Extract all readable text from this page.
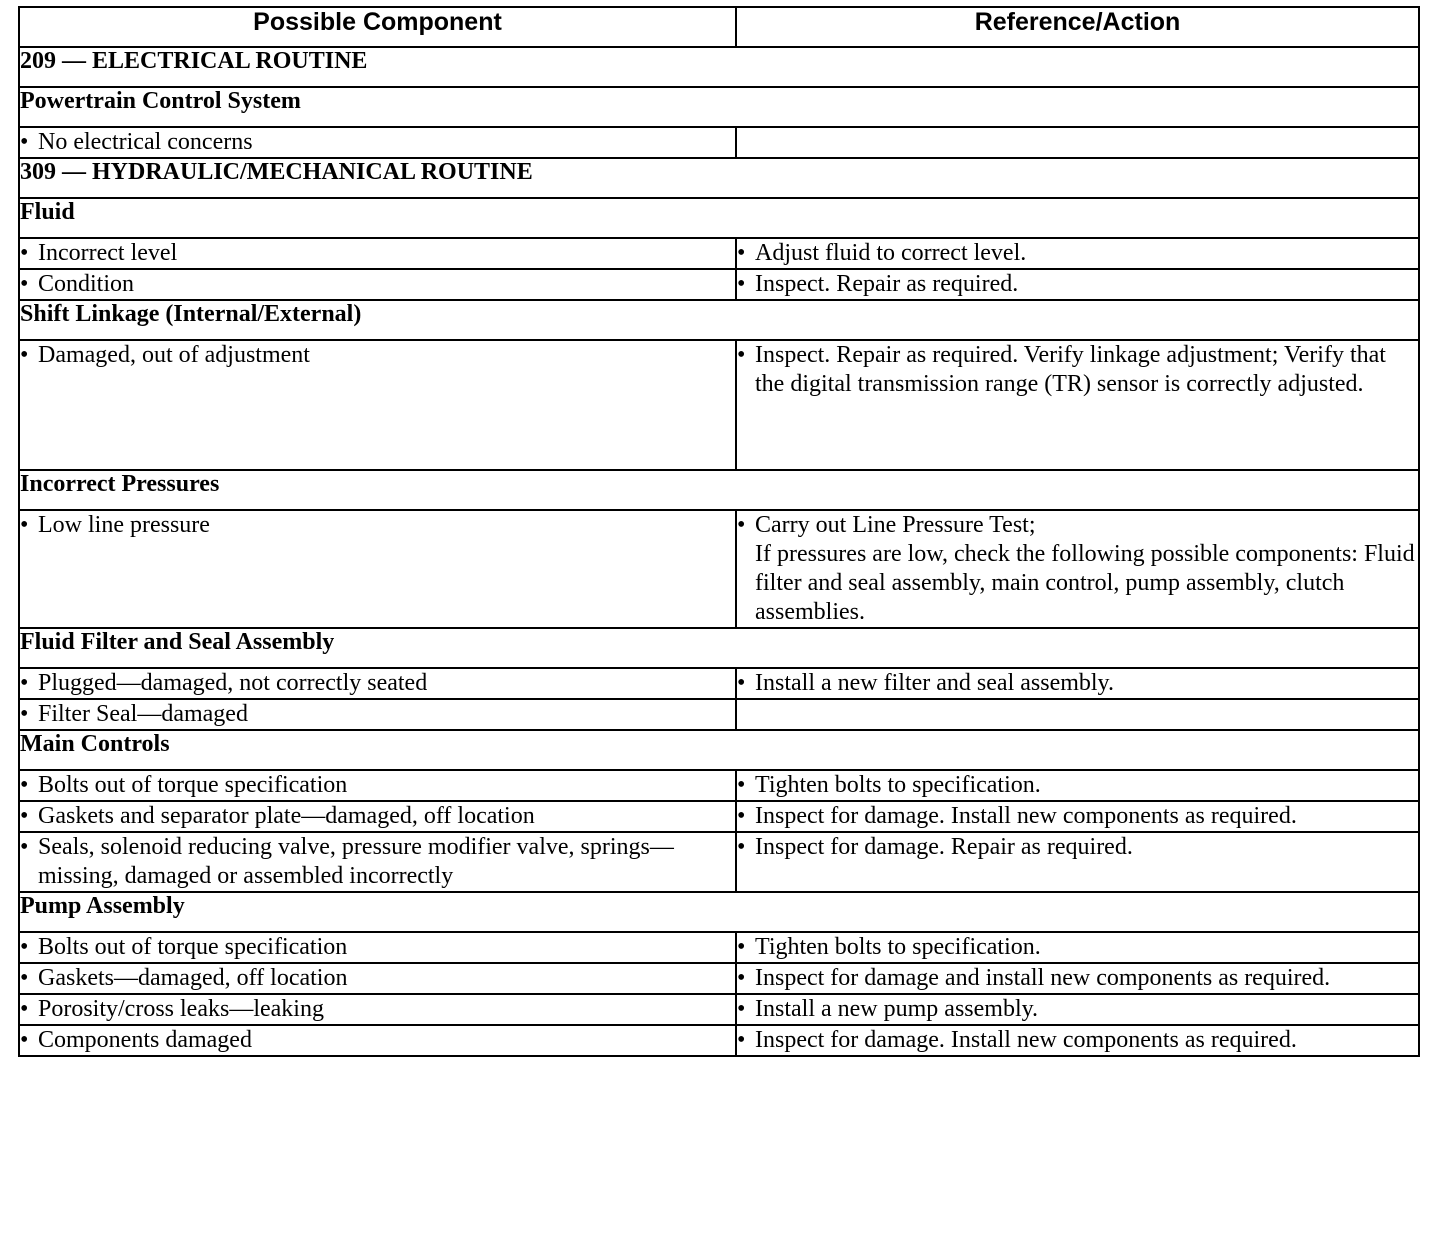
Possible Component	Reference/Action
209 — ELECTRICAL ROUTINE	
Powertrain Control System	

• No electrical concerns	

309 — HYDRAULIC/MECHANICAL ROUTINE	
Fluid	

• Incorrect level	• Adjust fluid to correct level.

• Condition	• Inspect. Repair as required.

Shift Linkage (Internal/External)	

• Damaged, out of adjustment	• Inspect. Repair as required. Verify linkage adjustment; Verify that the digital transmission range (TR) sensor is correctly adjusted.

Incorrect Pressures	

• Low line pressure	• Carry out Line Pressure Test;
If pressures are low, check the following possible components: Fluid filter and seal assembly, main control, pump assembly, clutch assemblies.

Fluid Filter and Seal Assembly	

• Plugged—damaged, not correctly seated	• Install a new filter and seal assembly.

• Filter Seal—damaged	

Main Controls	

• Bolts out of torque specification	• Tighten bolts to specification.

• Gaskets and separator plate—damaged, off location	• Inspect for damage. Install new components as required.

• Seals, solenoid reducing valve, pressure modifier valve, springs—missing, damaged or assembled incorrectly	• Inspect for damage. Repair as required.

Pump Assembly	

• Bolts out of torque specification	• Tighten bolts to specification.

• Gaskets—damaged, off location	• Inspect for damage and install new components as required.

• Porosity/cross leaks—leaking	• Install a new pump assembly.

• Components damaged	• Inspect for damage. Install new components as required.
